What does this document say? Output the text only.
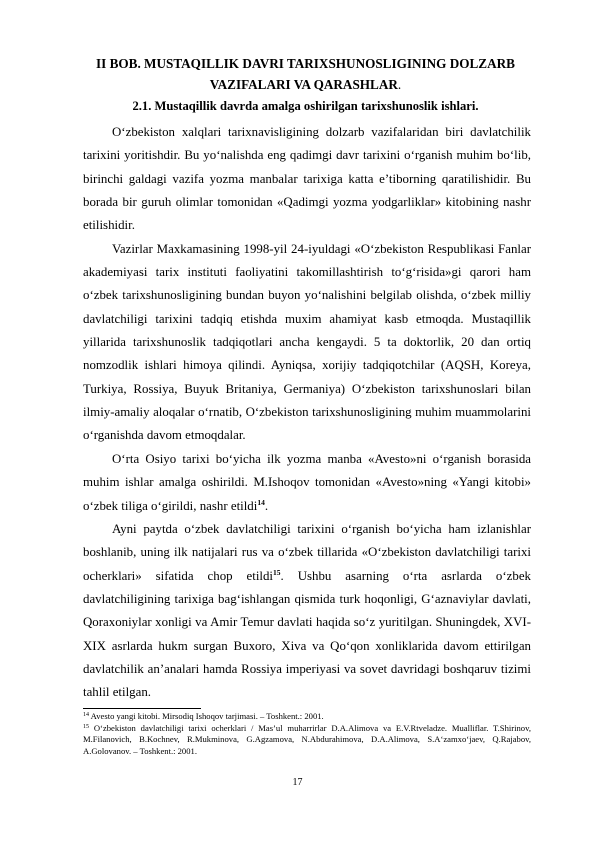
II BOB. MUSTAQILLIK DAVRI TARIXSHUNOSLIGINING DOLZARB
VAZIFALARI VA QARASHLAR.
2.1. Mustaqillik davrda amalga oshirilgan tarixshunoslik ishlari.

O‘zbekiston xalqlari tarixnavisligining dolzarb vazifalaridan biri davlatchilik tarixini yoritishdir. Bu yo‘nalishda eng qadimgi davr tarixini o‘rganish muhim bo‘lib, birinchi galdagi vazifa yozma manbalar tarixiga katta e’tiborning qaratilishidir. Bu borada bir guruh olimlar tomonidan «Qadimgi yozma yodgarliklar» kitobining nashr etilishidir.

Vazirlar Maxkamasining 1998-yil 24-iyuldagi «O‘zbekiston Respublikasi Fanlar akademiyasi tarix instituti faoliyatini takomillashtirish to‘g‘risida»gi qarori ham o‘zbek tarixshunosligining bundan buyon yo‘nalishini belgilab olishda, o‘zbek milliy davlatchiligi tarixini tadqiq etishda muxim ahamiyat kasb etmoqda. Mustaqillik yillarida tarixshunoslik tadqiqotlari ancha kengaydi. 5 ta doktorlik, 20 dan ortiq nomzodlik ishlari himoya qilindi. Ayniqsa, xorijiy tadqiqotchilar (AQSH, Koreya, Turkiya, Rossiya, Buyuk Britaniya, Germaniya) O‘zbekiston tarixshunoslari bilan ilmiy-amaliy aloqalar o‘rnatib, O‘zbekiston tarixshunosligining muhim muammolarini o‘rganishda davom etmoqdalar.

O‘rta Osiyo tarixi bo‘yicha ilk yozma manba «Avesto»ni o‘rganish borasida muhim ishlar amalga oshirildi. M.Ishoqov tomonidan «Avesto»ning «Yangi kitobi» o‘zbek tiliga o‘girildi, nashr etildi$^{14}$.

Ayni paytda o‘zbek davlatchiligi tarixini o‘rganish bo‘yicha ham izlanishlar boshlanib, uning ilk natijalari rus va o‘zbek tillarida «O‘zbekiston davlatchiligi tarixi ocherklari» sifatida chop etildi$^{15}$. Ushbu asarning o‘rta asrlarda o‘zbek davlatchiligining tarixiga bag‘ishlangan qismida turk hoqonligi, G‘aznaviylar davlati, Qoraxoniylar xonligi va Amir Temur davlati haqida so‘z yuritilgan. Shuningdek, XVI-XIX asrlarda hukm surgan Buxoro, Xiva va Qo‘qon xonliklarida davom ettirilgan davlatchilik an’analari hamda Rossiya imperiyasi va sovet davridagi boshqaruv tizimi tahlil etilgan.

$^{14}$ Avesto yangi kitobi. Mirsodiq Ishoqov tarjimasi. – Toshkent.: 2001.

$^{15}$ O‘zbekiston davlatchiligi tarixi ocherklari / Mas’ul muharrirlar D.A.Alimova va E.V.Rtveladze. Mualliflar. T.Shirinov, M.Filanovich, B.Kochnev, R.Mukminova, G.Agzamova, N.Abdurahimova, D.A.Alimova, S.A‘zamxo‘jaev, Q.Rajabov, A.Golovanov. – Toshkent.: 2001.

17
